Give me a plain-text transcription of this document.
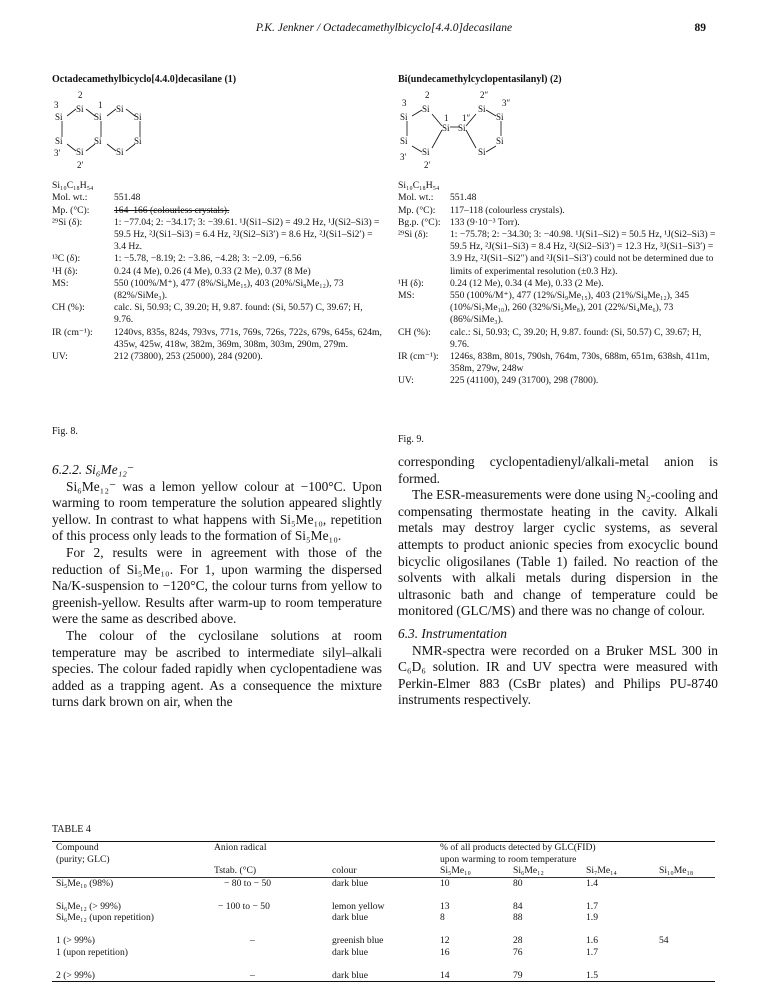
P.K. Jenkner / Octadecamethylbicyclo[4.4.0]decasilane	89
Octadecamethylbicyclo[4.4.0]decasilane (1)
2
3	1
Si	Si
Si	Si	Si
Si	Si	Si
Si	Si
3′
2′
Si₁₀C₁₈H₅₄
Mol. wt.:	551.48
Mp. (°C):	164–166 (colourless crystals).
²⁹Si (δ):	1: −77.04; 2: −34.17; 3: −39.61. ¹J(Si1–Si2) = 49.2 Hz, ¹J(Si2–Si3) = 59.5 Hz, ²J(Si1–Si3) = 6.4 Hz, ²J(Si2–Si3′) = 8.6 Hz, ²J(Si1–Si2′) = 3.4 Hz.
¹³C (δ):	1: −5.78, −8.19; 2: −3.86, −4.28; 3: −2.09, −6.56
¹H (δ):	0.24 (4 Me), 0.26 (4 Me), 0.33 (2 Me), 0.37 (8 Me)
MS:	550 (100%/M⁺), 477 (8%/Si₉Me₁₅), 403 (20%/Si₈Me₁₂), 73 (82%/SiMe₃).
CH (%):	calc. Si, 50.93; C, 39.20; H, 9.87. found: (Si, 50.57) C, 39.67; H, 9.76.
IR (cm⁻¹):	1240vs, 835s, 824s, 793vs, 771s, 769s, 726s, 722s, 679s, 645s, 624m, 435w, 425w, 418w, 382m, 369m, 308m, 303m, 290m, 279m.
UV:	212 (73800), 253 (25000), 284 (9200).
Fig. 8.
Bi(undecamethylcyclopentasilanyl) (2)
3
2	2″
3″
1 1″
Si	Si
Si	Si
Si Si
Si	Si
Si	Si
3′
2′
Si₁₀C₁₈H₅₄
Mol. wt.:	551.48
Mp. (°C):	117–118 (colourless crystals).
Bg.p. (°C): 133 (9·10⁻³ Torr).
²⁹Si (δ):	1: −75.78; 2: −34.30; 3: −40.98. ¹J(Si1–Si2) = 50.5 Hz, ¹J(Si2–Si3) = 59.5 Hz, ²J(Si1–Si3) = 8.4 Hz, ²J(Si2–Si3′) = 12.3 Hz, ³J(Si1–Si3′) = 3.9 Hz, ²J(Si1–Si2″) and ²J(Si1–Si3′) could not be determined due to limits of experimental resolution (±0.3 Hz).
¹H (δ):	0.24 (12 Me), 0.34 (4 Me), 0.33 (2 Me).
MS:	550 (100%/M⁺), 477 (12%/Si₉Me₁₅), 403 (21%/Si₈Me₁₂), 345 (10%/Si₇Me₁₀), 260 (32%/Si₅Me₈), 201 (22%/Si₄Me₆), 73 (86%/SiMe₃).
CH (%):	calc.: Si, 50.93; C, 39.20; H, 9.87. found: (Si, 50.57) C, 39.67; H, 9.76.
IR (cm⁻¹):	1246s, 838m, 801s, 790sh, 764m, 730s, 688m, 651m, 638sh, 411m, 358m, 279w, 248w
UV:	225 (41100), 249 (31700), 298 (7800).
Fig. 9.

6.2.2. Si₆Me₁₂⁻

Si₆Me₁₂⁻ was a lemon yellow colour at −100°C. Upon warming to room temperature the solution appeared slightly yellow. In contrast to what happens with Si₅Me₁₀, repetition of this process only leads to the formation of Si₅Me₁₀.

For 2, results were in agreement with those of the reduction of Si₅Me₁₀. For 1, upon warming the dispersed Na/K-suspension to −120°C, the colour turns from yellow to greenish-yellow. Results after warm-up to room temperature were the same as described above.

The colour of the cyclosilane solutions at room temperature may be ascribed to intermediate silyl–alkali species. The colour faded rapidly when cyclopentadiene was added as a trapping agent. As a consequence the mixture turns dark brown on air, when the

corresponding cyclopentadienyl/alkali-metal anion is formed.

The ESR-measurements were done using N₂-cooling and compensating thermostate heating in the cavity. Alkali metals may destroy larger cyclic systems, as several attempts to product anionic species from exocyclic bound bicyclic oligosilanes (Table 1) failed. No reaction of the solvents with alkali metals during dispersion in the ultrasonic bath and change of temperature could be monitored (GLC/MS) and there was no change of colour.

6.3. Instrumentation

NMR-spectra were recorded on a Bruker MSL 300 in C₆D₆ solution. IR and UV spectra were measured with Perkin-Elmer 883 (CsBr plates) and Philips PU-8740 instruments respectively.

TABLE 4
Compound	Anion radical		% of all products detected by GLC(FID)			
(purity; GLC)			upon warming to room temperature			
	Tstab. (°C)	colour	Si₅Me₁₀	Si₆Me₁₂	Si₇Me₁₄	Si₁₀Me₁₈
Si₅Me₁₀ (98%)	− 80 to − 50	dark blue	10	80	1.4	

Si₆Me₁₂ (> 99%)	− 100 to − 50	lemon yellow	13	84	1.7	
Si₆Me₁₂ (upon repetition)		dark blue	8	88	1.9	

1 (> 99%)	–	greenish blue	12	28	1.6	54
1 (upon repetition)		dark blue	16	76	1.7	

2 (> 99%)	–	dark blue	14	79	1.5	
